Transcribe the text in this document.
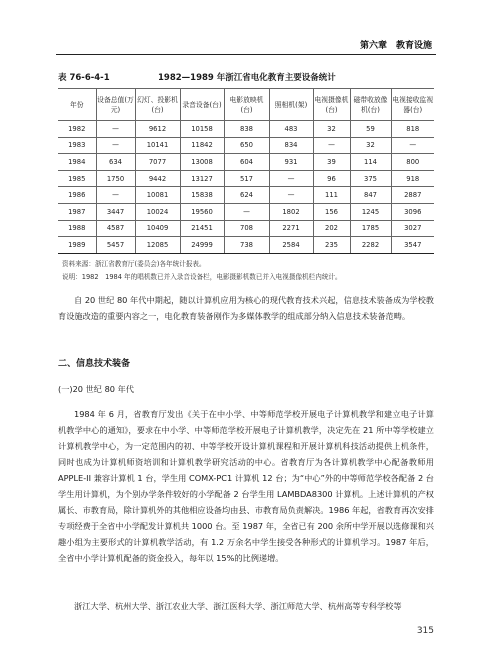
第六章　教育设施
表 76-6-4-1	1982—1989 年浙江省电化教育主要设备统计
年份	设备总值(万元)	幻灯、投影机(台)	录音设备(台)	电影放映机(台)	照相机(架)	电视摄像机(台)	磁带收放像机(台)	电视接收监视器(台)
1982	—	9612	10158	838	483	32	59	818
1983	—	10141	11842	650	834	—	32	—
1984	634	7077	13008	604	931	39	114	800
1985	1750	9442	13127	517	—	96	375	918
1986	—	10081	15838	624	—	111	847	2887
1987	3447	10024	19560	—	1802	156	1245	3096
1988	4587	10409	21451	708	2271	202	1785	3027
1989	5457	12085	24999	738	2584	235	2282	3547
资料来源：浙江省教育厅(委员会)各年统计报表。
说明：1982　1984 年的唱机数已并入录音设备栏，电影摄影机数已并入电视摄像机栏内统计。

自 20 世纪 80 年代中期起，随以计算机应用为核心的现代教育技术兴起，信息技术装备成为学校教育设施改造的重要内容之一，电化教育装备刚作为多媒体教学的组成部分纳入信息技术装备范畴。

二、信息技术装备
(一)20 世纪 80 年代

1984 年 6 月，省教育厅发出《关于在中小学、中等师范学校开展电子计算机教学和建立电子计算机教学中心的通知》，要求在中小学、中等师范学校开展电子计算机教学，决定先在 21 所中等学校建立计算机教学中心，为一定范围内的初、中等学校开设计算机课程和开展计算机科技活动提供上机条件，同时也成为计算机师资培训和计算机教学研究活动的中心。省教育厅为各计算机教学中心配备教师用 APPLE-II 兼容计算机 1 台，学生用 COMX-PC1 计算机 12 台；为“中心”外的中等师范学校各配备 2 台学生用计算机，为个别办学条件较好的小学配备 2 台学生用 LAMBDA8300 计算机。上述计算机的产权属长、市教育局，除计算机外的其他相应设备均由县、市教育局负责解决。1986 年起，省教育再次安排专项经费于全省中小学配发计算机共 1000 台。至 1987 年，全省已有 200 余所中学开展以选修课和兴趣小组为主要形式的计算机教学活动，有 1.2 万余名中学生接受各种形式的计算机学习。1987 年后，全省中小学计算机配备的资金投入，每年以 15%的比例递增。

浙江大学、杭州大学、浙江农业大学、浙江医科大学、浙江师范大学、杭州高等专科学校等

315
